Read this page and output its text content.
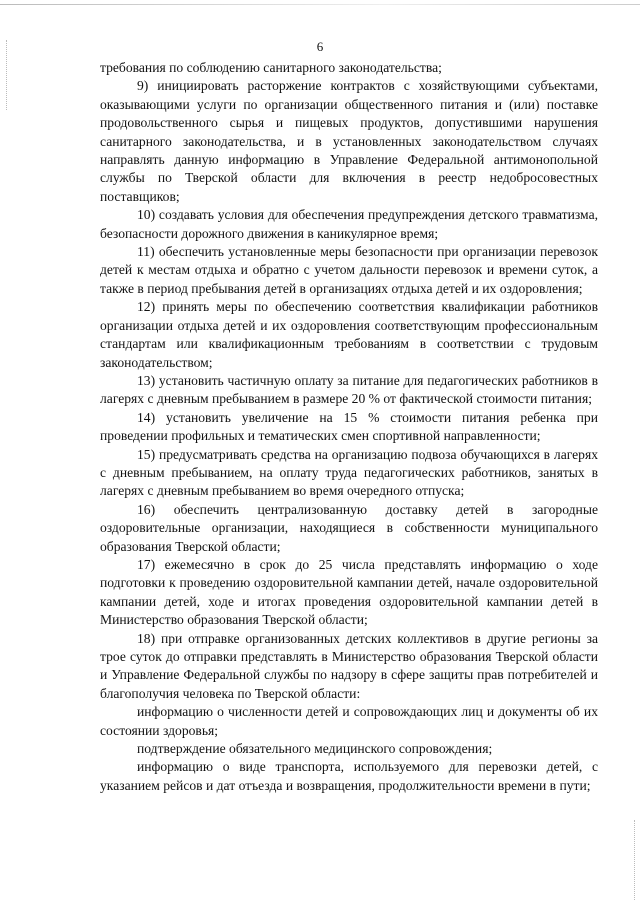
6

требования по соблюдению санитарного законодательства;

9) инициировать расторжение контрактов с хозяйствующими субъектами, оказывающими услуги по организации общественного питания и (или) поставке продовольственного сырья и пищевых продуктов, допустившими нарушения санитарного законодательства, и в установленных законодательством случаях направлять данную информацию в Управление Федеральной антимонопольной службы по Тверской области для включения в реестр недобросовестных поставщиков;

10) создавать условия для обеспечения предупреждения детского травматизма, безопасности дорожного движения в каникулярное время;

11) обеспечить установленные меры безопасности при организации перевозок детей к местам отдыха и обратно с учетом дальности перевозок и времени суток, а также в период пребывания детей в организациях отдыха детей и их оздоровления;

12) принять меры по обеспечению соответствия квалификации работников организации отдыха детей и их оздоровления соответствующим профессиональным стандартам или квалификационным требованиям в соответствии с трудовым законодательством;

13) установить частичную оплату за питание для педагогических работников в лагерях с дневным пребыванием в размере 20 % от фактической стоимости питания;

14) установить увеличение на 15 % стоимости питания ребенка при проведении профильных и тематических смен спортивной направленности;

15) предусматривать средства на организацию подвоза обучающихся в лагерях с дневным пребыванием, на оплату труда педагогических работников, занятых в лагерях с дневным пребыванием во время очередного отпуска;

16) обеспечить централизованную доставку детей в загородные оздоровительные организации, находящиеся в собственности муниципального образования Тверской области;

17) ежемесячно в срок до 25 числа представлять информацию о ходе подготовки к проведению оздоровительной кампании детей, начале оздоровительной кампании детей, ходе и итогах проведения оздоровительной кампании детей в Министерство образования Тверской области;

18) при отправке организованных детских коллективов в другие регионы за трое суток до отправки представлять в Министерство образования Тверской области и Управление Федеральной службы по надзору в сфере защиты прав потребителей и благополучия человека по Тверской области:

информацию о численности детей и сопровождающих лиц и документы об их состоянии здоровья;

подтверждение обязательного медицинского сопровождения;

информацию о виде транспорта, используемого для перевозки детей, с указанием рейсов и дат отъезда и возвращения, продолжительности времени в пути;
